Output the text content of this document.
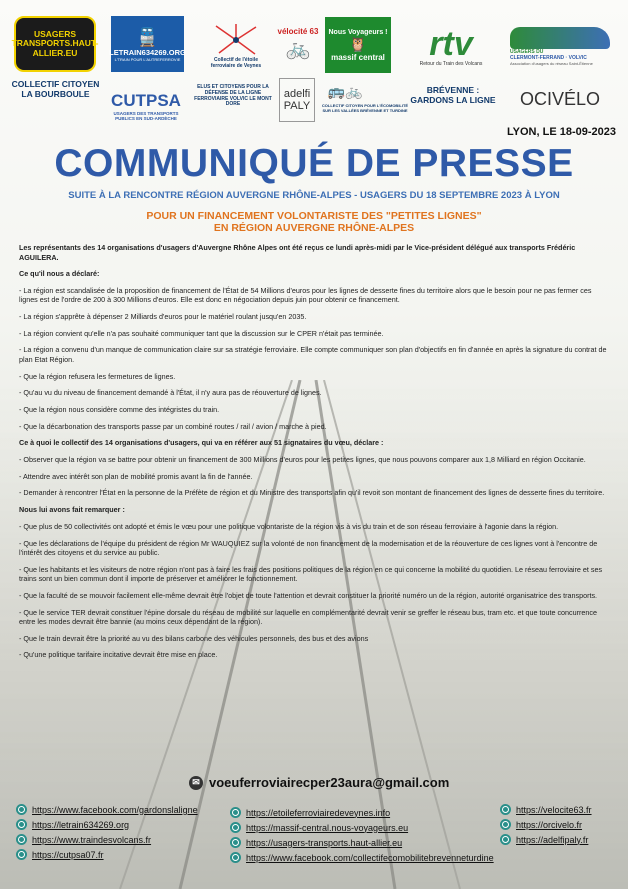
USAGERS TRANSPORTS.HAUT-ALLIER.EU
🚆
LETRAIN634269.ORG
L'TRAIN POUR L'AUTREFERROVIE	Collectif de l'étoile ferroviaire de Veynes
vélocité 63
🚲
Nous Voyageurs !
🦉
massif central rtv
Retour du Train des Volcans
USAGERS DU
CLERMONT-FERRAND · VOLVIC
Association d'usagers du réseau Saint-Étienne
COLLECTIF CITOYEN LA BOURBOULE	CUTPSA
USAGERS DES TRANSPORTS PUBLICS EN SUD-ARDÈCHE
ELUS ET CITOYENS POUR LA DÉFENSE DE LA LIGNE FERROVIAIRE VOLVIC LE MONT DORE
adelfi PALY
🚌🚲
COLLECTIF CITOYEN POUR L'ÉCOMOBILITÉ SUR LES VALLÉES BRÉVENNE ET TURDINE
BRÉVENNE : GARDONS LA LIGNE OCIVÉLO
LYON, LE 18-09-2023
COMMUNIQUÉ DE PRESSE
SUITE À LA RENCONTRE RÉGION AUVERGNE RHÔNE-ALPES - USAGERS DU 18 SEPTEMBRE 2023 À LYON
POUR UN FINANCEMENT VOLONTARISTE DES "PETITES LIGNES"
EN RÉGION AUVERGNE RHÔNE-ALPES

Les représentants des 14 organisations d'usagers d'Auvergne Rhône Alpes ont été reçus ce lundi après-midi par le Vice-président délégué aux transports Frédéric AGUILERA.

Ce qu'il nous a déclaré:

- La région est scandalisée de la proposition de financement de l'État de 54 Millions d'euros pour les lignes de desserte fines du territoire alors que le besoin pour ne pas fermer ces lignes est de l'ordre de 200 à 300 Millions d'euros. Elle est donc en négociation depuis juin pour obtenir ce financement.

- La région s'apprête à dépenser 2 Milliards d'euros pour le matériel roulant jusqu'en 2035.

- La région convient qu'elle n'a pas souhaité communiquer tant que la discussion sur le CPER n'était pas terminée.

- La région a convenu d'un manque de communication claire sur sa stratégie ferroviaire. Elle compte communiquer son plan d'objectifs en fin d'année en après la signature du contrat de plan Etat Région.

- Que la région refusera les fermetures de lignes.

- Qu'au vu du niveau de financement demandé à l'État, il n'y aura pas de réouverture de lignes.

- Que la région nous considère comme des intégristes du train.

- Que la décarbonation des transports passe par un combiné routes / rail / avion / marche à pied.

Ce à quoi le collectif des 14 organisations d'usagers, qui va en référer aux 51 signataires du vœu, déclare :

- Observer que la région va se battre pour obtenir un financement de 300 Millions d'euros pour les petites lignes, que nous pouvons comparer aux 1,8 Milliard en région Occitanie.

- Attendre avec intérêt son plan de mobilité promis avant la fin de l'année.

- Demander à rencontrer l'État en la personne de la Préfète de région et du Ministre des transports afin qu'il revoit son montant de financement des lignes de desserte fines du territoire.

Nous lui avons fait remarquer :

- Que plus de 50 collectivités ont adopté et émis le vœu pour une politique volontariste de la région vis à vis du train et de son réseau ferroviaire à l'agonie dans la région.

- Que les déclarations de l'équipe du président de région Mr WAUQUIEZ sur la volonté de non financement de la modernisation et de la réouverture de ces lignes vont à l'encontre de l'intérêt des citoyens et du service au public.

- Que les habitants et les visiteurs de notre région n'ont pas à faire les frais des positions politiques de la région en ce qui concerne la mobilité du quotidien. Le réseau ferroviaire et ses trains sont un bien commun dont il importe de préserver et améliorer le fonctionnement.

- Que la faculté de se mouvoir facilement elle-même devrait être l'objet de toute l'attention et devrait constituer la priorité numéro un de la région, autorité organisatrice des transports.

- Que le service TER devrait constituer l'épine dorsale du réseau de mobilité sur laquelle en complémentarité devrait venir se greffer le réseau bus, tram etc. et que toute concurrence entre les modes devrait être bannie (au moins ceux dépendant de la région).

- Que le train devrait être la priorité au vu des bilans carbone des véhicules personnels, des bus et des avions

- Qu'une politique tarifaire incitative devrait être mise en place.

✉ voeuferroviairecper23aura@gmail.com
https://www.facebook.com/gardonslaligne
https://letrain634269.org
https://www.traindesvolcans.fr
https://cutpsa07.fr
https://etoileferroviairedeveynes.info
https://massif-central.nous-voyageurs.eu
https://usagers-transports.haut-allier.eu
https://www.facebook.com/collectifecomobilitebrevenneturdine
https://velocite63.fr
https://orcivelo.fr
https://adelfipaly.fr
